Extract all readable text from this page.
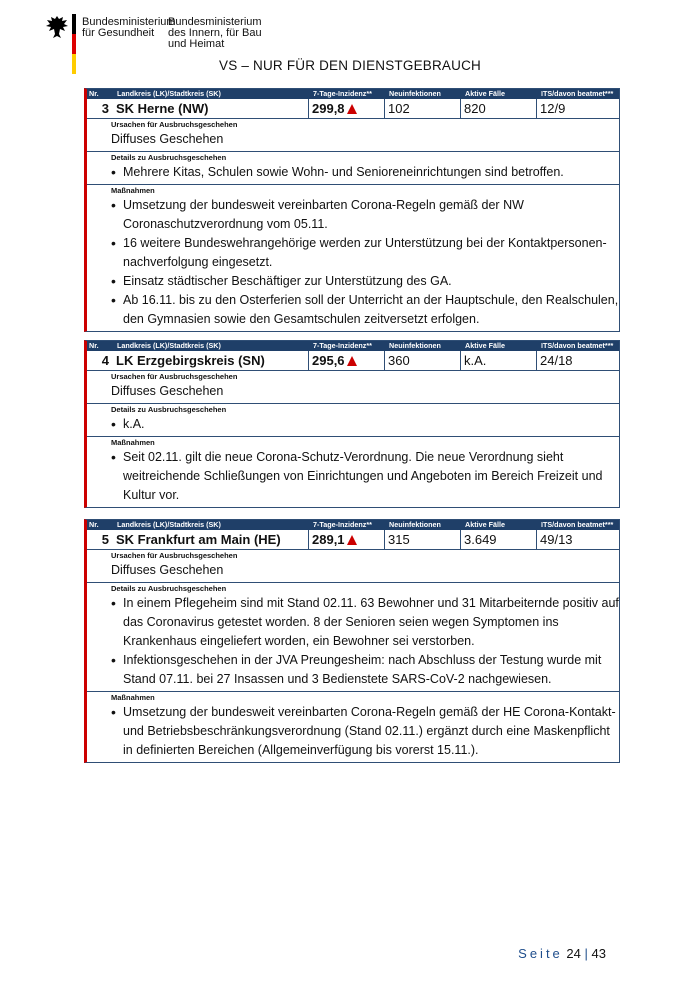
Bundesministerium
für Gesundheit
Bundesministerium
des Innern, für Bau
und Heimat
VS – NUR FÜR DEN DIENSTGEBRAUCH
Nr.	Landkreis (LK)/Stadtkreis (SK)	7-Tage-Inzidenz**	Neuinfektionen	Aktive Fälle	ITS/davon beatmet***
3 SK Herne (NW)	299,8	102	820	12/9
Ursachen für Ausbruchsgeschehen
Diffuses Geschehen
Details zu Ausbruchsgeschehen
• Mehrere Kitas, Schulen sowie Wohn- und Senioreneinrichtungen sind betroffen.
Maßnahmen
• Umsetzung der bundesweit vereinbarten Corona-Regeln gemäß der NW Coronaschutzverordnung vom 05.11.
• 16 weitere Bundeswehrangehörige werden zur Unterstützung bei der Kontaktpersonen-nachverfolgung eingesetzt.
• Einsatz städtischer Beschäftiger zur Unterstützung des GA.
• Ab 16.11. bis zu den Osterferien soll der Unterricht an der Hauptschule, den Realschulen, den Gymnasien sowie den Gesamtschulen zeitversetzt erfolgen.
Nr.	Landkreis (LK)/Stadtkreis (SK)	7-Tage-Inzidenz**	Neuinfektionen	Aktive Fälle	ITS/davon beatmet***
4 LK Erzgebirgskreis (SN)	295,6	360	k.A.	24/18
Ursachen für Ausbruchsgeschehen
Diffuses Geschehen
Details zu Ausbruchsgeschehen
• k.A.
Maßnahmen
• Seit 02.11. gilt die neue Corona-Schutz-Verordnung. Die neue Verordnung sieht weitreichende Schließungen von Einrichtungen und Angeboten im Bereich Freizeit und Kultur vor.
Nr.	Landkreis (LK)/Stadtkreis (SK)	7-Tage-Inzidenz**	Neuinfektionen	Aktive Fälle	ITS/davon beatmet***
5 SK Frankfurt am Main (HE)	289,1	315	3.649	49/13
Ursachen für Ausbruchsgeschehen
Diffuses Geschehen
Details zu Ausbruchsgeschehen
• In einem Pflegeheim sind mit Stand 02.11. 63 Bewohner und 31 Mitarbeiternde positiv auf das Coronavirus getestet worden. 8 der Senioren seien wegen Symptomen ins Krankenhaus eingeliefert worden, ein Bewohner sei verstorben.
• Infektionsgeschehen in der JVA Preungesheim: nach Abschluss der Testung wurde mit Stand 07.11. bei 27 Insassen und 3 Bedienstete SARS-CoV-2 nachgewiesen.
Maßnahmen
• Umsetzung der bundesweit vereinbarten Corona-Regeln gemäß der HE Corona-Kontakt- und Betriebsbeschränkungsverordnung (Stand 02.11.) ergänzt durch eine Maskenpflicht in definierten Bereichen (Allgemeinverfügung bis vorerst 15.11.).
Seite 24 | 43
